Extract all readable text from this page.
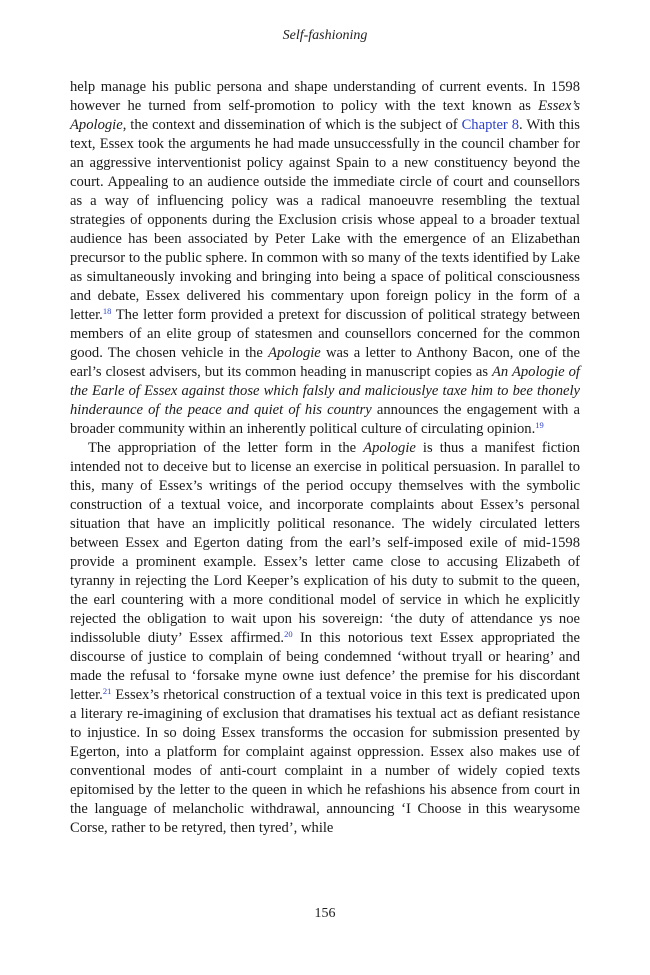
Self-fashioning

help manage his public persona and shape understanding of current events. In 1598 however he turned from self-promotion to policy with the text known as Essex’s Apologie, the context and dissemination of which is the subject of Chapter 8. With this text, Essex took the arguments he had made unsuccessfully in the council chamber for an aggressive interventionist policy against Spain to a new constituency beyond the court. Appealing to an audience outside the immediate circle of court and counsellors as a way of influencing policy was a radical manoeuvre resembling the textual strategies of opponents during the Exclusion crisis whose appeal to a broader textual audience has been associated by Peter Lake with the emergence of an Elizabethan precursor to the public sphere. In common with so many of the texts identified by Lake as simultaneously invoking and bringing into being a space of political consciousness and debate, Essex delivered his commentary upon foreign policy in the form of a letter.$^{18}$ The letter form provided a pretext for discussion of political strategy between members of an elite group of statesmen and counsellors concerned for the common good. The chosen vehicle in the Apologie was a letter to Anthony Bacon, one of the earl’s closest advisers, but its common heading in manuscript copies as An Apologie of the Earle of Essex against those which falsly and maliciouslye taxe him to bee thonely hinderaunce of the peace and quiet of his country announces the engagement with a broader community within an inherently political culture of circulating opinion.$^{19}$

The appropriation of the letter form in the Apologie is thus a manifest fiction intended not to deceive but to license an exercise in political persuasion. In parallel to this, many of Essex’s writings of the period occupy themselves with the symbolic construction of a textual voice, and incorporate complaints about Essex’s personal situation that have an implicitly political resonance. The widely circulated letters between Essex and Egerton dating from the earl’s self-imposed exile of mid-1598 provide a prominent example. Essex’s letter came close to accusing Elizabeth of tyranny in rejecting the Lord Keeper’s explication of his duty to submit to the queen, the earl countering with a more conditional model of service in which he explicitly rejected the obligation to wait upon his sovereign: ‘the duty of attendance ys noe indissoluble diuty’ Essex affirmed.$^{20}$ In this notorious text Essex appropriated the discourse of justice to complain of being condemned ‘without tryall or hearing’ and made the refusal to ‘forsake myne owne iust defence’ the premise for his discordant letter.$^{21}$ Essex’s rhetorical construction of a textual voice in this text is predicated upon a literary re-imagining of exclusion that dramatises his textual act as defiant resistance to injustice. In so doing Essex transforms the occasion for submission presented by Egerton, into a platform for complaint against oppression. Essex also makes use of conventional modes of anti-court complaint in a number of widely copied texts epitomised by the letter to the queen in which he refashions his absence from court in the language of melancholic withdrawal, announcing ‘I Choose in this wearysome Corse, rather to be retyred, then tyred’, while

156
